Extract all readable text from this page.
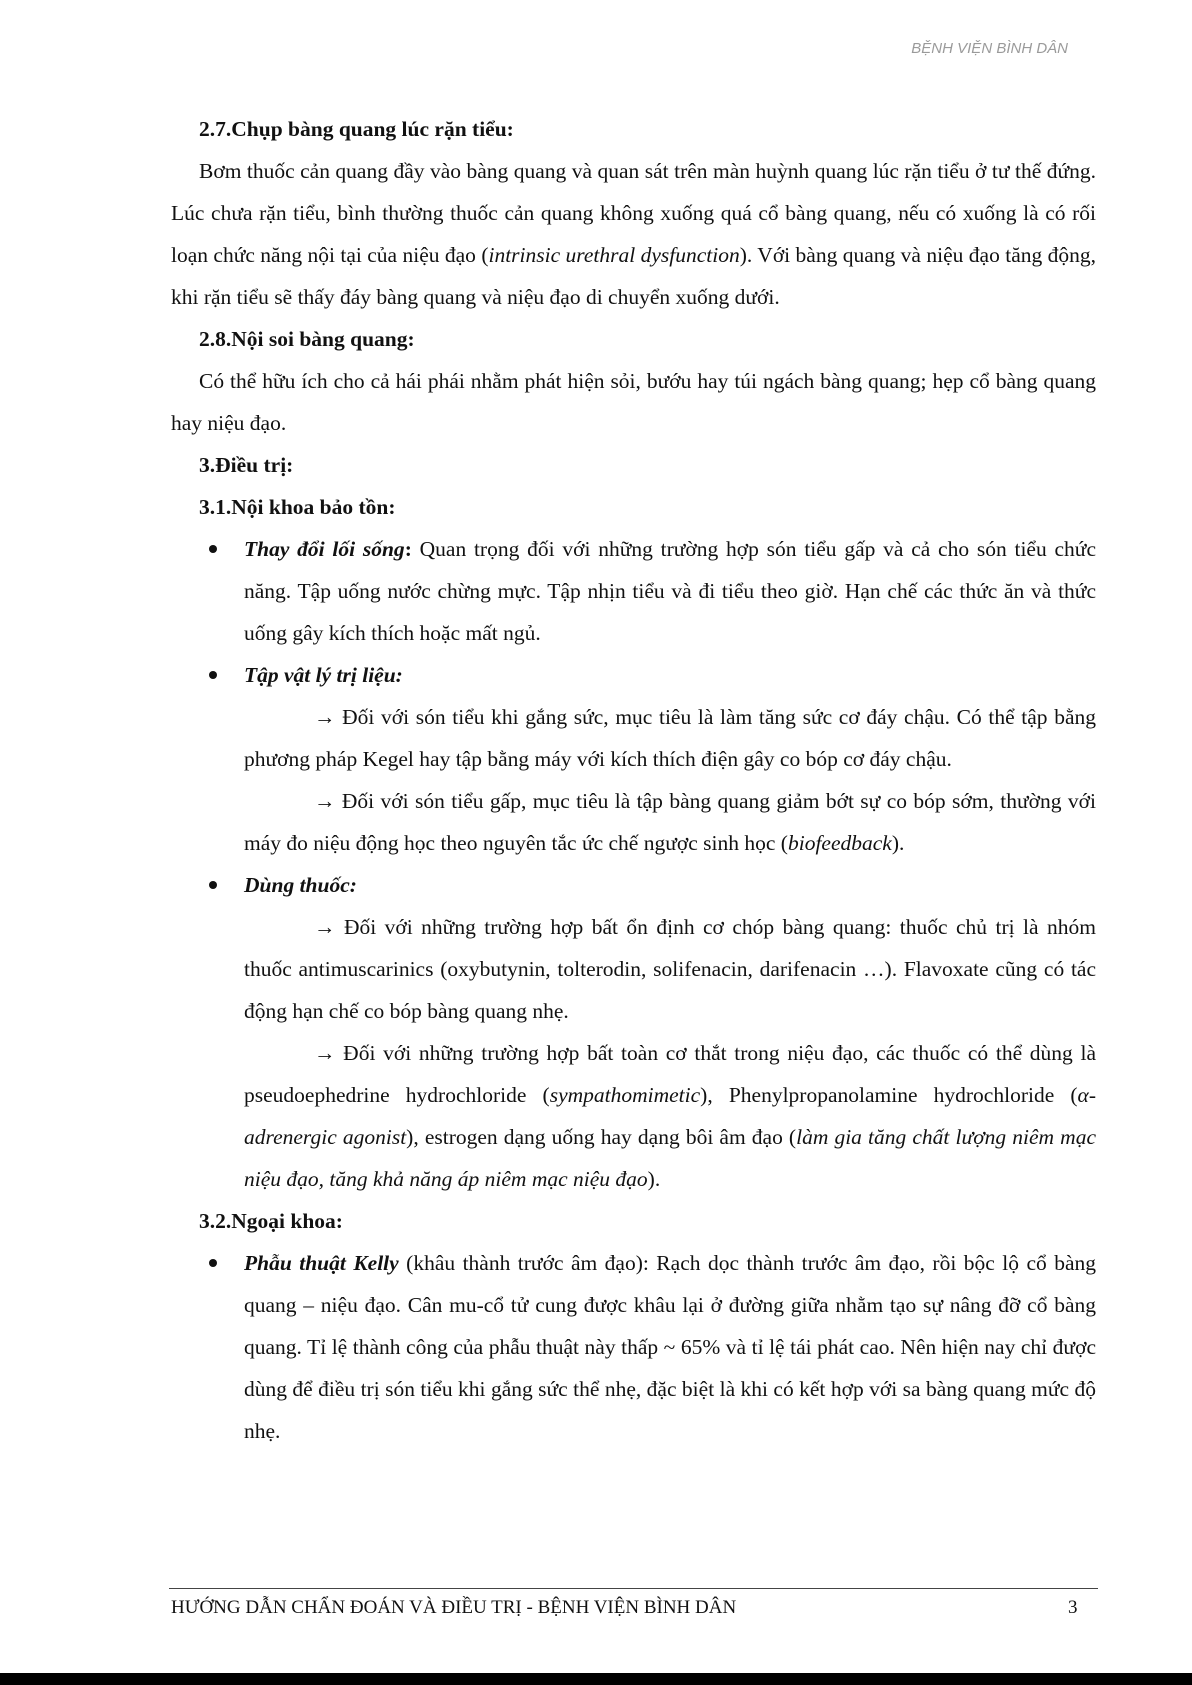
BỆNH VIỆN BÌNH DÂN

2.7.Chụp bàng quang lúc rặn tiểu:

Bơm thuốc cản quang đầy vào bàng quang và quan sát trên màn huỳnh quang lúc rặn tiểu ở tư thế đứng. Lúc chưa rặn tiểu, bình thường thuốc cản quang không xuống quá cổ bàng quang, nếu có xuống là có rối loạn chức năng nội tại của niệu đạo (intrinsic urethral dysfunction). Với bàng quang và niệu đạo tăng động, khi rặn tiểu sẽ thấy đáy bàng quang và niệu đạo di chuyển xuống dưới.

2.8.Nội soi bàng quang:

Có thể hữu ích cho cả hái phái nhằm phát hiện sỏi, bướu hay túi ngách bàng quang; hẹp cổ bàng quang hay niệu đạo.

3.Điều trị:

3.1.Nội khoa bảo tồn:

Thay đổi lối sống: Quan trọng đối với những trường hợp són tiểu gấp và cả cho són tiểu chức năng. Tập uống nước chừng mực. Tập nhịn tiểu và đi tiểu theo giờ. Hạn chế các thức ăn và thức uống gây kích thích hoặc mất ngủ.
Tập vật lý trị liệu:

→ Đối với són tiểu khi gắng sức, mục tiêu là làm tăng sức cơ đáy chậu. Có thể tập bằng phương pháp Kegel hay tập bằng máy với kích thích điện gây co bóp cơ đáy chậu.

→ Đối với són tiểu gấp, mục tiêu là tập bàng quang giảm bớt sự co bóp sớm, thường với máy đo niệu động học theo nguyên tắc ức chế ngược sinh học (biofeedback).

Dùng thuốc:

→ Đối với những trường hợp bất ổn định cơ chóp bàng quang: thuốc chủ trị là nhóm thuốc antimuscarinics (oxybutynin, tolterodin, solifenacin, darifenacin …). Flavoxate cũng có tác động hạn chế co bóp bàng quang nhẹ.

→ Đối với những trường hợp bất toàn cơ thắt trong niệu đạo, các thuốc có thể dùng là pseudoephedrine hydrochloride (sympathomimetic), Phenylpropanolamine hydrochloride (α-adrenergic agonist), estrogen dạng uống hay dạng bôi âm đạo (làm gia tăng chất lượng niêm mạc niệu đạo, tăng khả năng áp niêm mạc niệu đạo).

3.2.Ngoại khoa:

Phẫu thuật Kelly (khâu thành trước âm đạo): Rạch dọc thành trước âm đạo, rồi bộc lộ cổ bàng quang – niệu đạo. Cân mu-cổ tử cung được khâu lại ở đường giữa nhằm tạo sự nâng đỡ cổ bàng quang. Tỉ lệ thành công của phẫu thuật này thấp ~ 65% và tỉ lệ tái phát cao. Nên hiện nay chỉ được dùng để điều trị són tiểu khi gắng sức thể nhẹ, đặc biệt là khi có kết hợp với sa bàng quang mức độ nhẹ.
HƯỚNG DẪN CHẨN ĐOÁN VÀ ĐIỀU TRỊ - BỆNH VIỆN BÌNH DÂN	3
